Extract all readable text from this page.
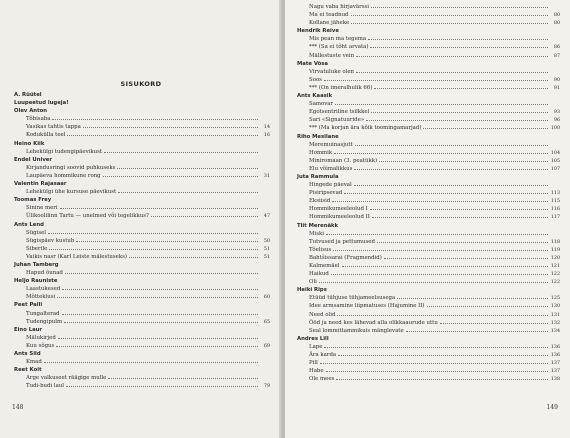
SISUKORD
A. Rüütel
Luupeetud lugeja!
Olev Anton
Tõbisaba
Vasikas tahtis tappa	14
Kodukülla teel	16
Heino Kiik
Lehekülgi tudengipäevikust
Endel Univer
Kirjandusringi soovid puhkuseks
Laupäeva hommikune rong	31
Valentin Rajasaar
Lehekülgi ühe kursuse päevikust
Toomas Frey
Sinine meri
Ülikoolilinn Tartu — unelmed või tegelikkus?	47
Ants Lend
Sügisel
Sügispäev kustub	50
Siberile	51
Vaikis nasr (Karl Leiste mälestuseks)	51
Juhan Tamberg
Hapud õunad
Heljo Rauniste
Laastukesed
Mõtteklusi	60
Peet Palli
Tungalterad
Tudengipulm	65
Eino Laur
Mälukirjed
Kuu sõgus	69
Ants Sild
Kmad
Reet Koit
Arge valkuseet räägige mulle
Tudi-budi laul	79
148
Nagu vaba hirjavärssi
Ma ei teadnud	80
Kollane jäheke	80
Hendrik Reive
Mis pean ma tegema
*** (Sa ei tõht arvata)	86
Mällestuste vein	87
Mate Võsa
Virvatuluke olen
Soos	90
*** (On imeralhulik 66)	91
Ants Kaasik
Samovar
Egotsentriline tsilkkel	93
Sari «Signatuuride»	96
*** (Ma korjan ära kõik toomingamarjad)	100
Riho Mesilane
Meremuinasjutt
Hommik	104
Miniromaan (3. peatükk)	105
Elu võimalikkus	107
Juta Rammula
Hingede päeval
Pisiripsevad	113
Eksiisid	115
Hommikumeeleolud I	116
Hommikumeeleolud II	117
Tiit Merenäkk
Miski
Tutvused ja pettumused	118
Tõelisus	119
Bahtšissarai (Fragmendid)	120
Kalmemäel	121
Haikud	122
Oli	122
Heiki Rips
Etüüd tühjuse tühjameelsusega	125
Idee armsamine liipmatuses (Hajumine II)	130
Need olid	131
Ööd ja need kes lähevad alla olikkaaurude uttu	132
Seal lommittammikuis mänglevate	134
Andres Lill
Lape	136
Ära karda	136
Pill	137
Habe	137
Ole mees	138
149
